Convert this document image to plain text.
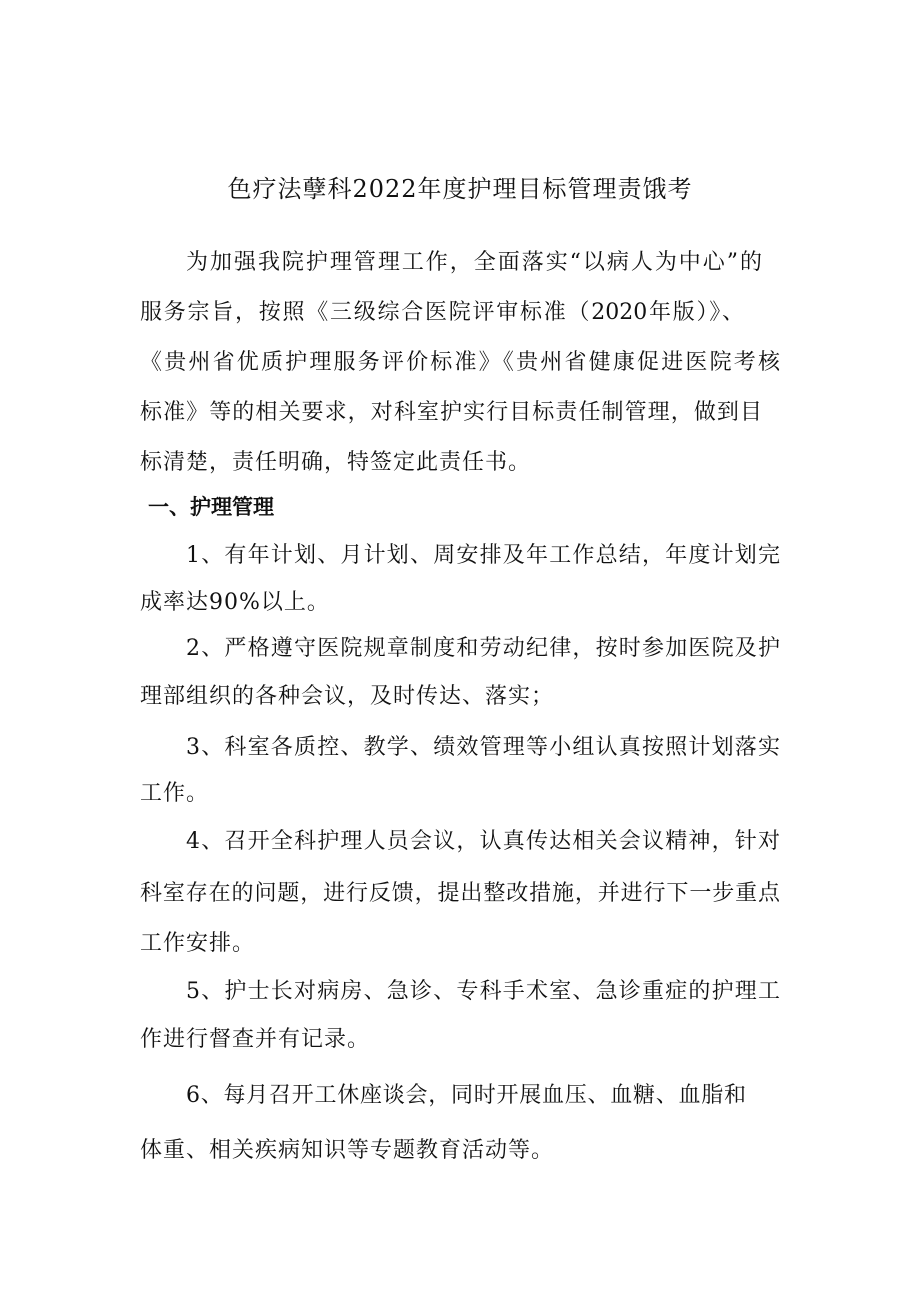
色疗法孽科2022年度护理目标管理责饿考
为加强我院护理管理工作，全面落实“以病人为中心”的
服务宗旨，按照《三级综合医院评审标准（2020年版）》、
《贵州省优质护理服务评价标准》《贵州省健康促进医院考核
标准》等的相关要求，对科室护实行目标责任制管理，做到目
标清楚，责任明确，特签定此责任书。
一、护理管理
1、有年计划、月计划、周安排及年工作总结，年度计划完
成率达90%以上。
2、严格遵守医院规章制度和劳动纪律，按时参加医院及护
理部组织的各种会议，及时传达、落实；
3、科室各质控、教学、绩效管理等小组认真按照计划落实
工作。
4、召开全科护理人员会议，认真传达相关会议精神，针对
科室存在的问题，进行反馈，提出整改措施，并进行下一步重点
工作安排。
5、护士长对病房、急诊、专科手术室、急诊重症的护理工
作进行督查并有记录。
6、每月召开工休座谈会，同时开展血压、血糖、血脂和
体重、相关疾病知识等专题教育活动等。
